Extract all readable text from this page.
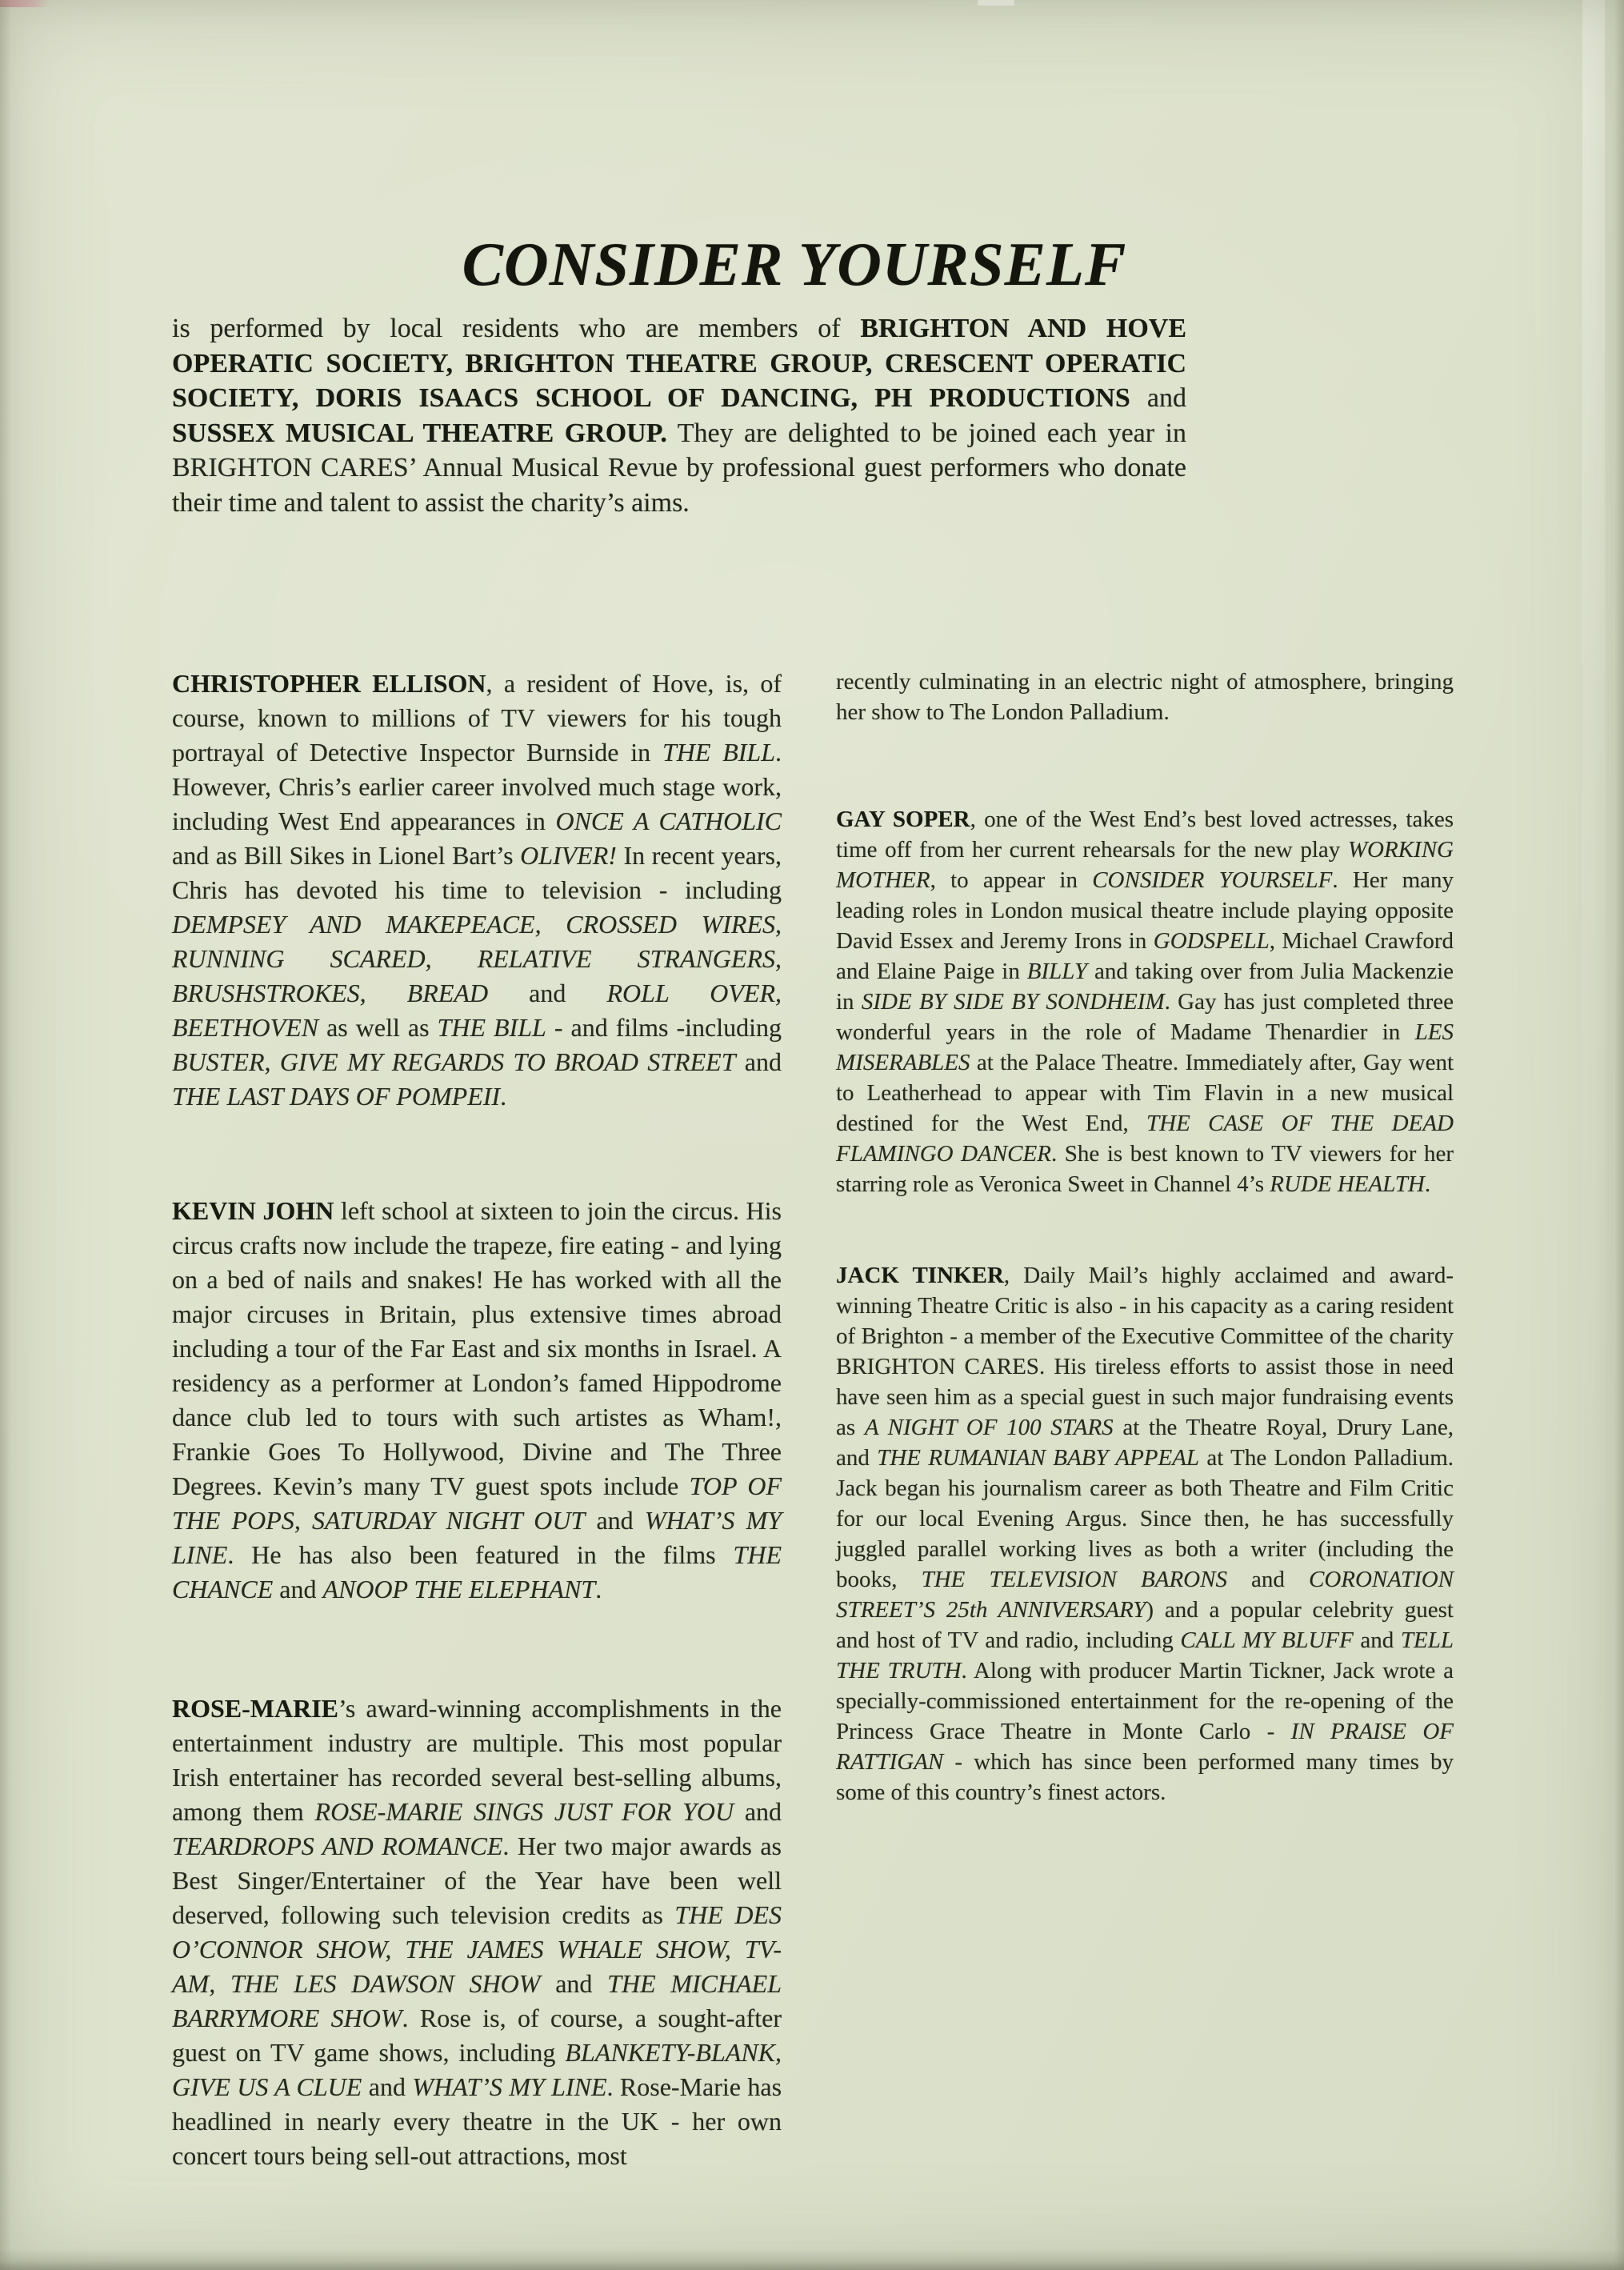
CONSIDER YOURSELF
is performed by local residents who are members of BRIGHTON AND HOVE OPERATIC SOCIETY, BRIGHTON THEATRE GROUP, CRESCENT OPERATIC SOCIETY, DORIS ISAACS SCHOOL OF DANCING, PH PRODUCTIONS and SUSSEX MUSICAL THEATRE GROUP. They are delighted to be joined each year in BRIGHTON CARES’ Annual Musical Revue by professional guest performers who donate their time and talent to assist the charity’s aims.

CHRISTOPHER ELLISON, a resident of Hove, is, of course, known to millions of TV viewers for his tough portrayal of Detective Inspector Burnside in THE BILL. However, Chris’s earlier career involved much stage work, including West End appearances in ONCE A CATHOLIC and as Bill Sikes in Lionel Bart’s OLIVER! In recent years, Chris has devoted his time to television - including DEMPSEY AND MAKEPEACE, CROSSED WIRES, RUNNING SCARED, RELATIVE STRANGERS, BRUSHSTROKES, BREAD and ROLL OVER, BEETHOVEN as well as THE BILL - and films -including BUSTER, GIVE MY REGARDS TO BROAD STREET and THE LAST DAYS OF POMPEII.

KEVIN JOHN left school at sixteen to join the circus. His circus crafts now include the trapeze, fire eating - and lying on a bed of nails and snakes! He has worked with all the major circuses in Britain, plus extensive times abroad including a tour of the Far East and six months in Israel. A residency as a performer at London’s famed Hippodrome dance club led to tours with such artistes as Wham!, Frankie Goes To Hollywood, Divine and The Three Degrees. Kevin’s many TV guest spots include TOP OF THE POPS, SATURDAY NIGHT OUT and WHAT’S MY LINE. He has also been featured in the films THE CHANCE and ANOOP THE ELEPHANT.

ROSE-MARIE’s award-winning accomplishments in the entertainment industry are multiple. This most popular Irish entertainer has recorded several best-selling albums, among them ROSE-MARIE SINGS JUST FOR YOU and TEARDROPS AND ROMANCE. Her two major awards as Best Singer/Entertainer of the Year have been well deserved, following such television credits as THE DES O’CONNOR SHOW, THE JAMES WHALE SHOW, TV-AM, THE LES DAWSON SHOW and THE MICHAEL BARRYMORE SHOW. Rose is, of course, a sought-after guest on TV game shows, including BLANKETY-BLANK, GIVE US A CLUE and WHAT’S MY LINE. Rose-Marie has headlined in nearly every theatre in the UK - her own concert tours being sell-out attractions, most

recently culminating in an electric night of atmosphere, bringing her show to The London Palladium.

GAY SOPER, one of the West End’s best loved actresses, takes time off from her current rehearsals for the new play WORKING MOTHER, to appear in CONSIDER YOURSELF. Her many leading roles in London musical theatre include playing opposite David Essex and Jeremy Irons in GODSPELL, Michael Crawford and Elaine Paige in BILLY and taking over from Julia Mackenzie in SIDE BY SIDE BY SONDHEIM. Gay has just completed three wonderful years in the role of Madame Thenardier in LES MISERABLES at the Palace Theatre. Immediately after, Gay went to Leatherhead to appear with Tim Flavin in a new musical destined for the West End, THE CASE OF THE DEAD FLAMINGO DANCER. She is best known to TV viewers for her starring role as Veronica Sweet in Channel 4’s RUDE HEALTH.

JACK TINKER, Daily Mail’s highly acclaimed and award-winning Theatre Critic is also - in his capacity as a caring resident of Brighton - a member of the Executive Committee of the charity BRIGHTON CARES. His tireless efforts to assist those in need have seen him as a special guest in such major fundraising events as A NIGHT OF 100 STARS at the Theatre Royal, Drury Lane, and THE RUMANIAN BABY APPEAL at The London Palladium. Jack began his journalism career as both Theatre and Film Critic for our local Evening Argus. Since then, he has successfully juggled parallel working lives as both a writer (including the books, THE TELEVISION BARONS and CORONATION STREET’S 25th ANNIVERSARY) and a popular celebrity guest and host of TV and radio, including CALL MY BLUFF and TELL THE TRUTH. Along with producer Martin Tickner, Jack wrote a specially-commissioned entertainment for the re-opening of the Princess Grace Theatre in Monte Carlo - IN PRAISE OF RATTIGAN - which has since been performed many times by some of this country’s finest actors.
